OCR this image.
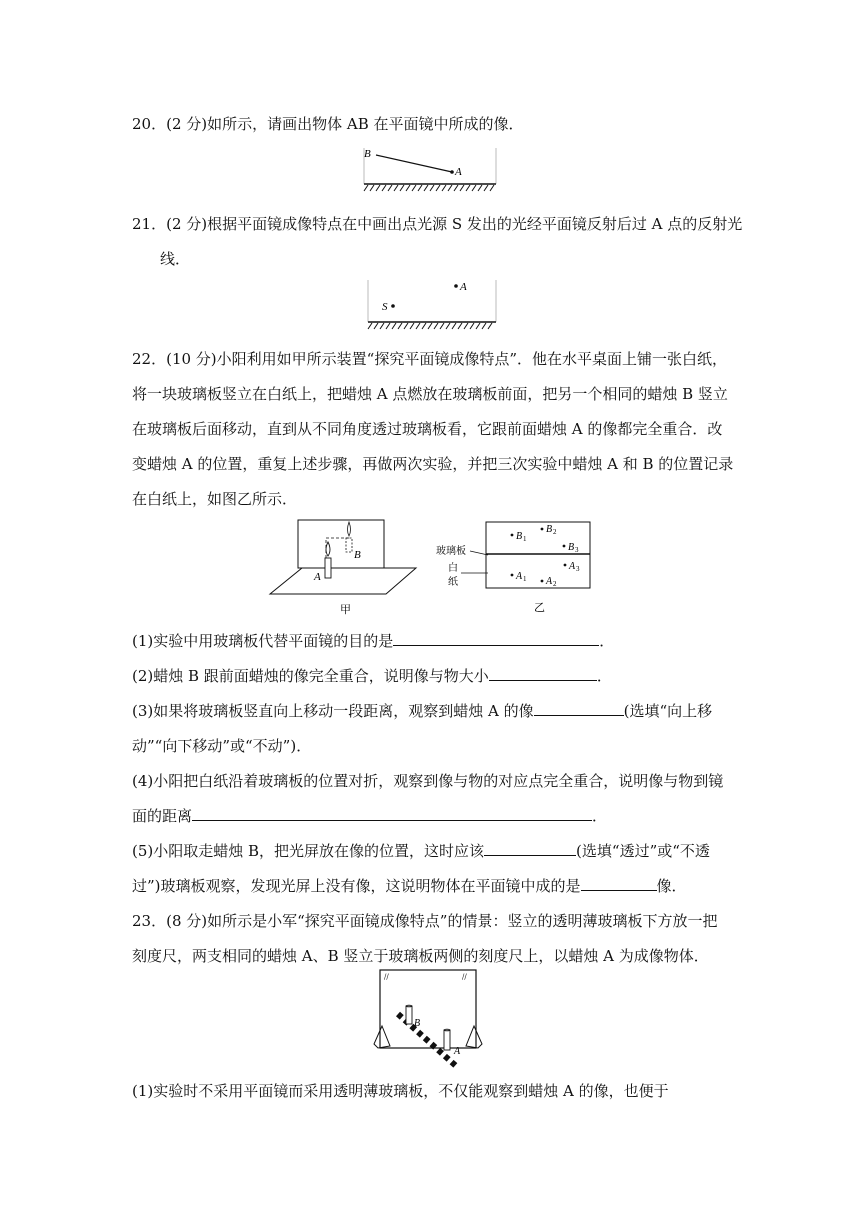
20．(2 分)如所示，请画出物体 AB 在平面镜中所成的像．
B
A
21．(2 分)根据平面镜成像特点在中画出点光源 S 发出的光经平面镜反射后过 A 点的反射光
线．
S
A
22．(10 分)小阳利用如甲所示装置“探究平面镜成像特点”．他在水平桌面上铺一张白纸，
将一块玻璃板竖立在白纸上，把蜡烛 A 点燃放在玻璃板前面，把另一个相同的蜡烛 B 竖立
在玻璃板后面移动，直到从不同角度透过玻璃板看，它跟前面蜡烛 A 的像都完全重合．改
变蜡烛 A 的位置，重复上述步骤，再做两次实验，并把三次实验中蜡烛 A 和 B 的位置记录
在白纸上，如图乙所示．
B
A
甲
玻璃板
白
纸
B 1
B 2
B 3
A 1 A 2
A 3
乙
(1)实验中用玻璃板代替平面镜的目的是	．
(2)蜡烛 B 跟前面蜡烛的像完全重合，说明像与物大小	．
(3)如果将玻璃板竖直向上移动一段距离，观察到蜡烛 A 的像	(选填“向上移
动”“向下移动”或“不动”)．
(4)小阳把白纸沿着玻璃板的位置对折，观察到像与物的对应点完全重合，说明像与物到镜
面的距离	．
(5)小阳取走蜡烛 B，把光屏放在像的位置，这时应该	(选填“透过”或“不透
过”)玻璃板观察，发现光屏上没有像，这说明物体在平面镜中成的是	像．
23．(8 分)如所示是小军“探究平面镜成像特点”的情景：竖立的透明薄玻璃板下方放一把
刻度尺，两支相同的蜡烛 A、B 竖立于玻璃板两侧的刻度尺上，以蜡烛 A 为成像物体．
//	//
B
A
(1)实验时不采用平面镜而采用透明薄玻璃板，不仅能观察到蜡烛 A 的像，也便于
